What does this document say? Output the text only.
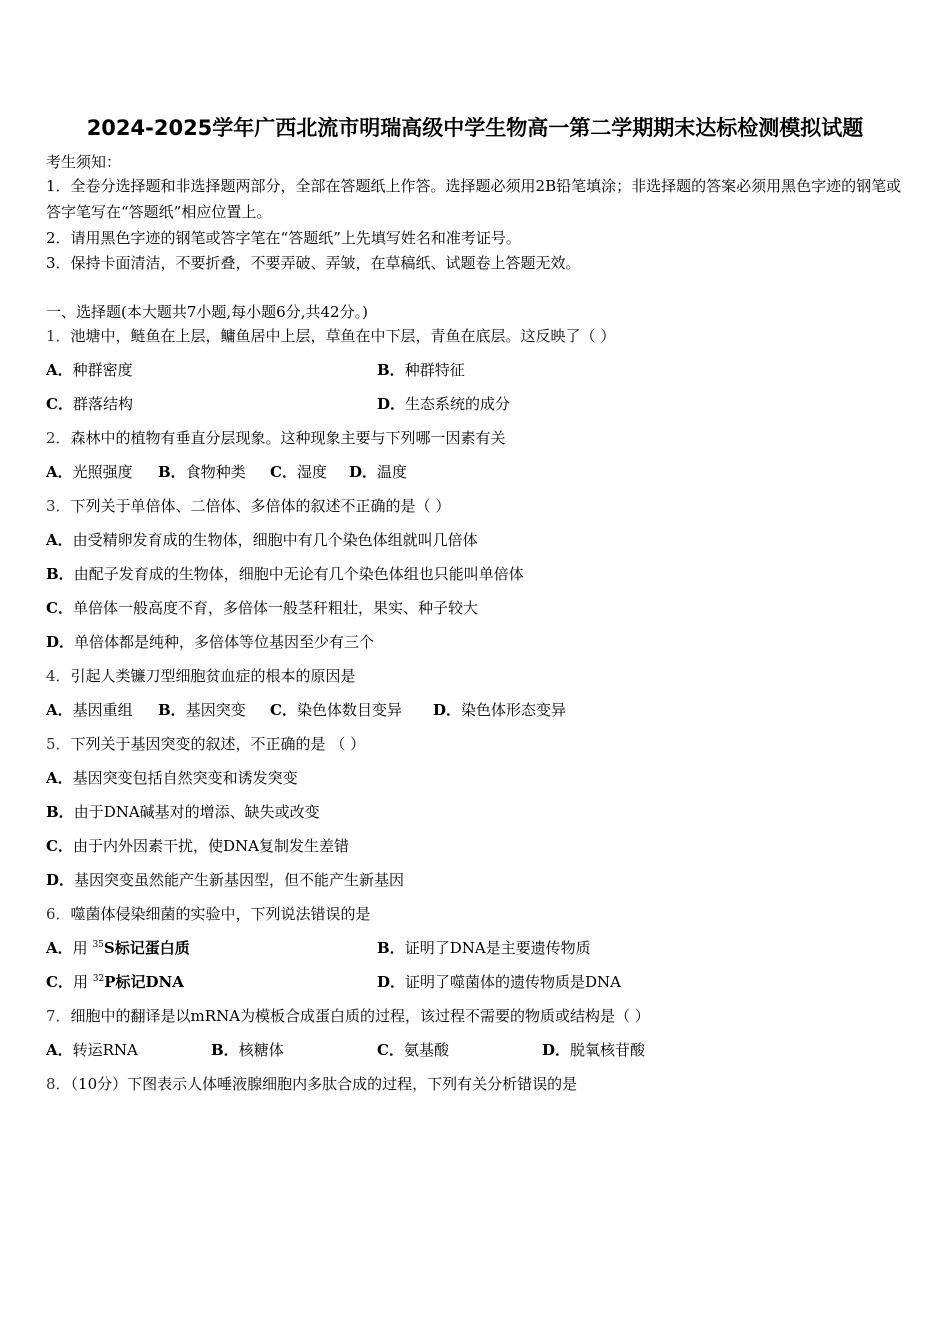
2024-2025学年广西北流市明瑞高级中学生物高一第二学期期末达标检测模拟试题
考生须知：
1．全卷分选择题和非选择题两部分，全部在答题纸上作答。选择题必须用2B铅笔填涂；非选择题的答案必须用黑色字迹的钢笔或答字笔写在“答题纸”相应位置上。
2．请用黑色字迹的钢笔或答字笔在“答题纸”上先填写姓名和准考证号。
3．保持卡面清洁，不要折叠，不要弄破、弄皱，在草稿纸、试题卷上答题无效。
一、选择题(本大题共7小题,每小题6分,共42分。)
1．池塘中，鲢鱼在上层，鳙鱼居中上层，草鱼在中下层，青鱼在底层。这反映了（ ）
A．种群密度	B．种群特征
C．群落结构	D．生态系统的成分
2．森林中的植物有垂直分层现象。这种现象主要与下列哪一因素有关
A．光照强度 B．食物种类 C．湿度 D．温度
3．下列关于单倍体、二倍体、多倍体的叙述不正确的是（ ）
A．由受精卵发育成的生物体，细胞中有几个染色体组就叫几倍体
B．由配子发育成的生物体，细胞中无论有几个染色体组也只能叫单倍体
C．单倍体一般高度不育，多倍体一般茎秆粗壮，果实、种子较大
D．单倍体都是纯种，多倍体等位基因至少有三个
4．引起人类镰刀型细胞贫血症的根本的原因是
A．基因重组 B．基因突变 C．染色体数目变异 D．染色体形态变异
5．下列关于基因突变的叙述，不正确的是 （ ）
A．基因突变包括自然突变和诱发突变
B．由于DNA碱基对的增添、缺失或改变
C．由于内外因素干扰，使DNA复制发生差错
D．基因突变虽然能产生新基因型，但不能产生新基因
6．噬菌体侵染细菌的实验中，下列说法错误的是
A．用 $^{35}$S标记蛋白质	B．证明了DNA是主要遗传物质
C．用 $^{32}$P标记DNA	D．证明了噬菌体的遗传物质是DNA
7．细胞中的翻译是以mRNA为模板合成蛋白质的过程，该过程不需要的物质或结构是（ ）
A．转运RNA	B．核糖体	C．氨基酸	D．脱氧核苷酸
8．（10分）下图表示人体唾液腺细胞内多肽合成的过程，下列有关分析错误的是
